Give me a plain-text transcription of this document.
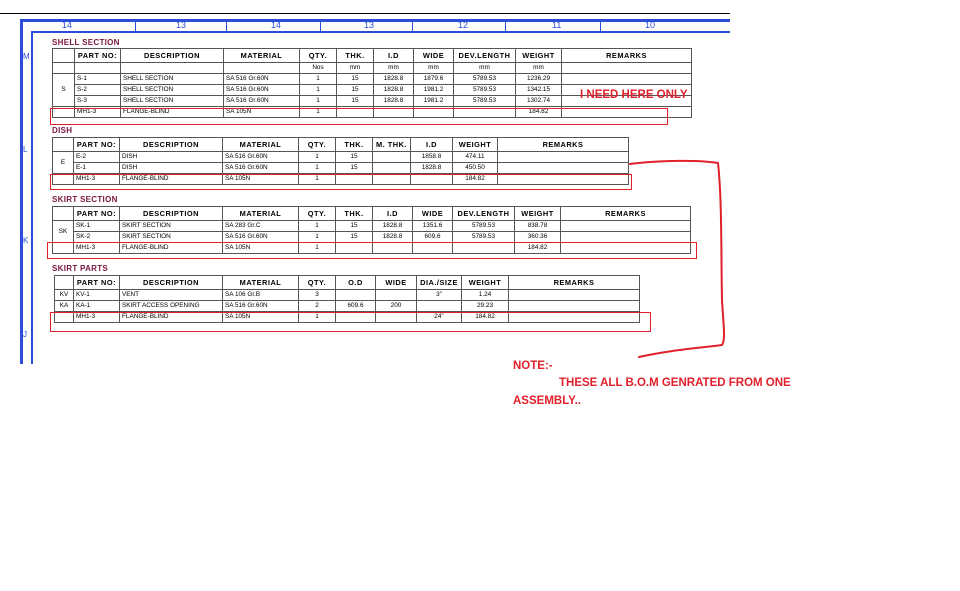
14	13	14	13	12	11	10
M
L
K
J
SHELL SECTION
	PART NO:	DESCRIPTION	MATERIAL	QTY.	THK.	I.D	WIDE	DEV.LENGTH	WEIGHT	REMARKS
				Nos	mm	mm	mm	mm	mm	
S	S-1	SHELL SECTION	SA 516 Gr.60N	1	15	1828.8	1879.6	5789.53	1236.29	
	S-2	SHELL SECTION	SA 516 Gr.60N	1	15	1828.8	1981.2	5789.53	1342.15	
	S-3	SHELL SECTION	SA 516 Gr.60N	1	15	1828.8	1981.2	5789.53	1302.74	
	MH1-3	FLANGE-BLIND	SA 105N	1					184.82	
DISH
	PART NO:	DESCRIPTION	MATERIAL	QTY.	THK.	M. THK.	I.D	WEIGHT	REMARKS
E	E-2	DISH	SA 516 Gr.60N	1	15		1858.8	474.11	
	E-1	DISH	SA 516 Gr.60N	1	15		1828.8	450.50	
	MH1-3	FLANGE-BLIND	SA 105N	1				184.82	
SKIRT SECTION
	PART NO:	DESCRIPTION	MATERIAL	QTY.	THK.	I.D	WIDE	DEV.LENGTH	WEIGHT	REMARKS
SK	SK-1	SKIRT SECTION	SA 283 Gr.C	1	15	1828.8	1351.6	5789.53	838.78	
	SK-2	SKIRT SECTION	SA 516 Gr.60N	1	15	1828.8	609.6	5789.53	360.36	
	MH1-3	FLANGE-BLIND	SA 105N	1					184.82	
SKIRT PARTS
	PART NO:	DESCRIPTION	MATERIAL	QTY.	O.D	WIDE	DIA./SIZE	WEIGHT	REMARKS
KV	KV-1	VENT	SA 106 Gr.B	3			3"	1.24	
KA	KA-1	SKIRT ACCESS OPENING	SA 516 Gr.60N	2	609.6	200		29.23	
	MH1-3	FLANGE-BLIND	SA 105N	1			24"	184.82	
I NEED HERE ONLY
NOTE:-
THESE ALL B.O.M GENRATED FROM ONE
ASSEMBLY..
